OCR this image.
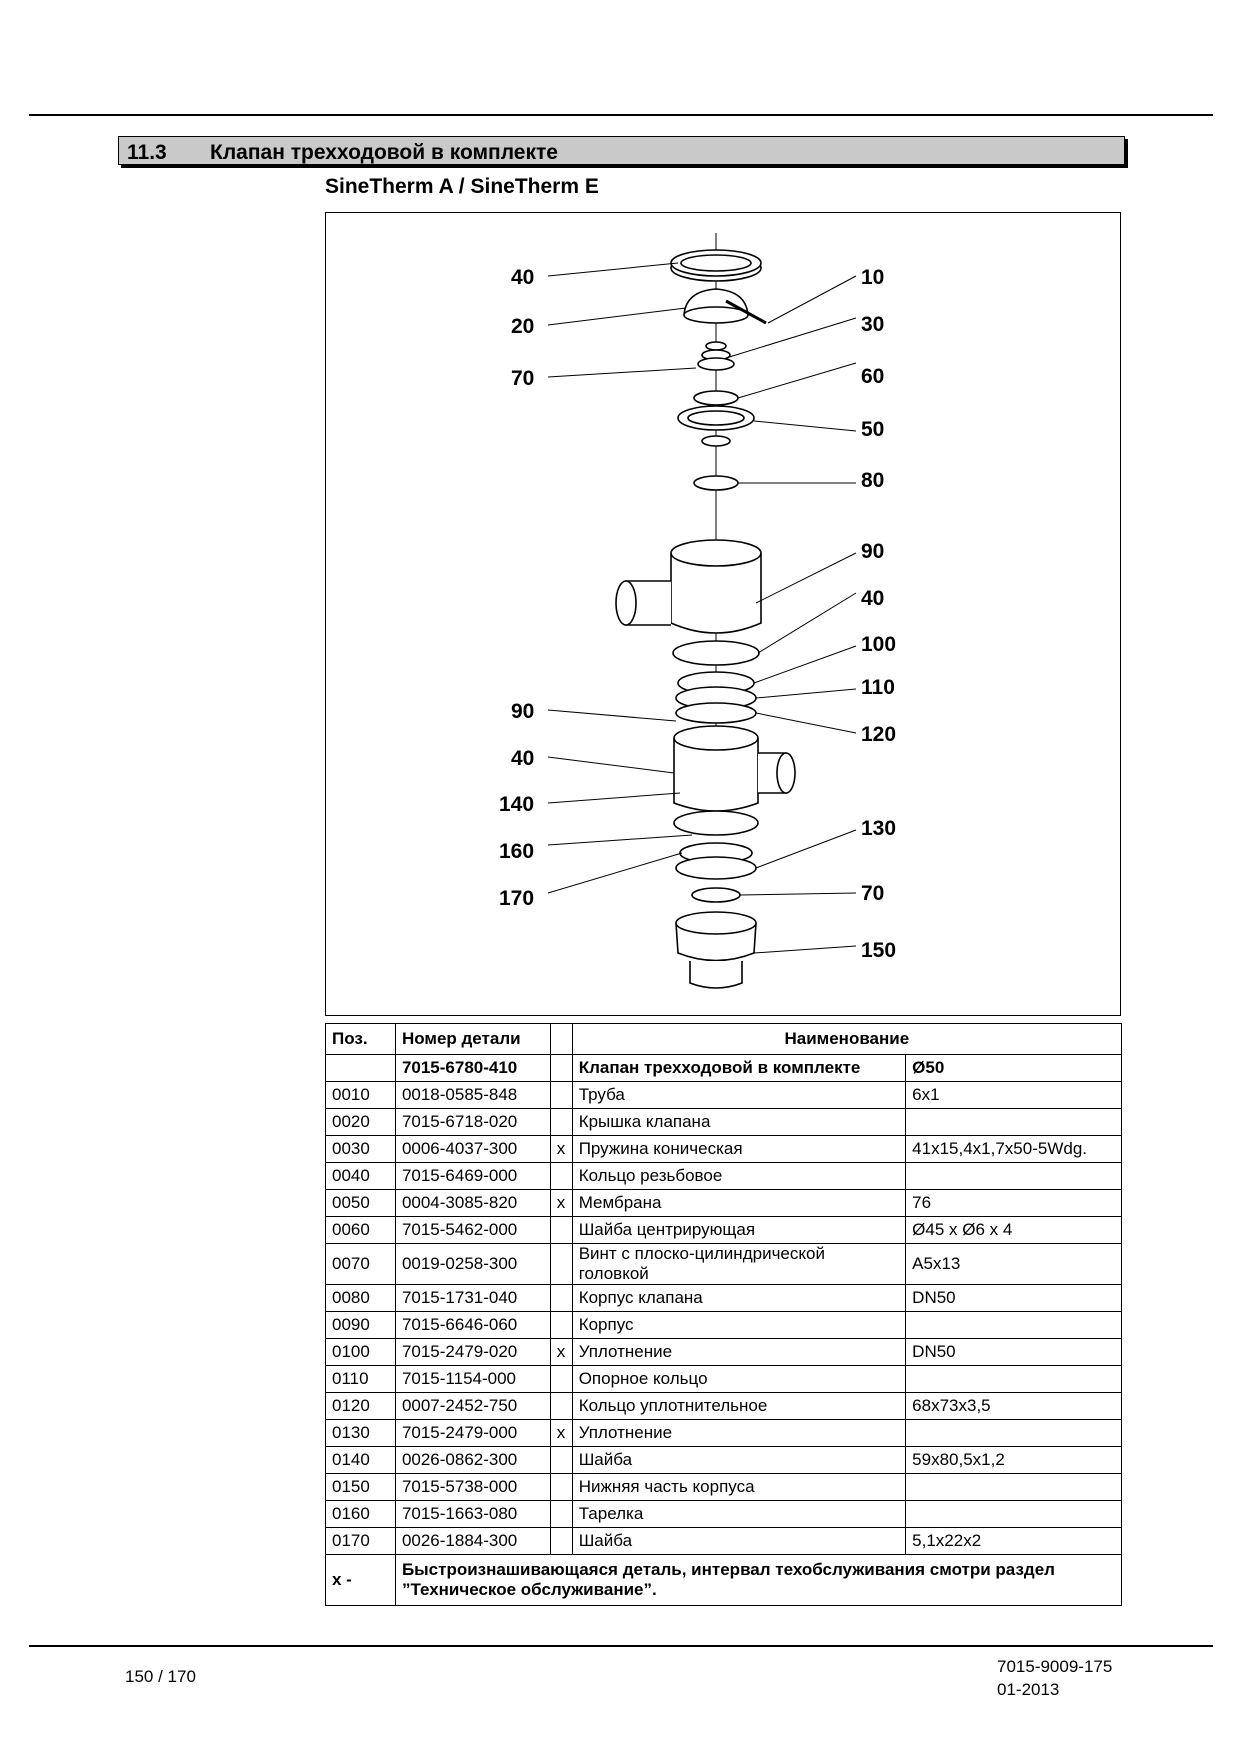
11.3 Клапан трехходовой в комплекте
SineTherm A / SineTherm E
40
20
70
90
40
140
160
170
10
30
60
50
80
90
40
100
110
120
130
70
150
Поз.	Номер детали		Наименование	
	7015-6780-410		Клапан трехходовой в комплекте	Ø50
0010	0018-0585-848		Труба	6x1
0020	7015-6718-020		Крышка клапана	
0030	0006-4037-300	x	Пружина коническая	41x15,4x1,7x50-5Wdg.
0040	7015-6469-000		Кольцо резьбовое	
0050	0004-3085-820	x	Мембрана	76
0060	7015-5462-000		Шайба центрирующая	Ø45 x Ø6 x 4
0070	0019-0258-300		Винт с плоско-цилиндрической головкой	A5x13
0080	7015-1731-040		Корпус клапана	DN50
0090	7015-6646-060		Корпус	
0100	7015-2479-020	x	Уплотнение	DN50
0110	7015-1154-000		Опорное кольцо	
0120	0007-2452-750		Кольцо уплотнительное	68x73x3,5
0130	7015-2479-000	x	Уплотнение	
0140	0026-0862-300		Шайба	59x80,5x1,2
0150	7015-5738-000		Нижняя часть корпуса	
0160	7015-1663-080		Тарелка	
0170	0026-1884-300		Шайба	5,1x22x2
x -	Быстроизнашивающаяся деталь, интервал техобслуживания смотри раздел
”Техническое обслуживание”.			
150 / 170
7015-9009-175
01-2013
